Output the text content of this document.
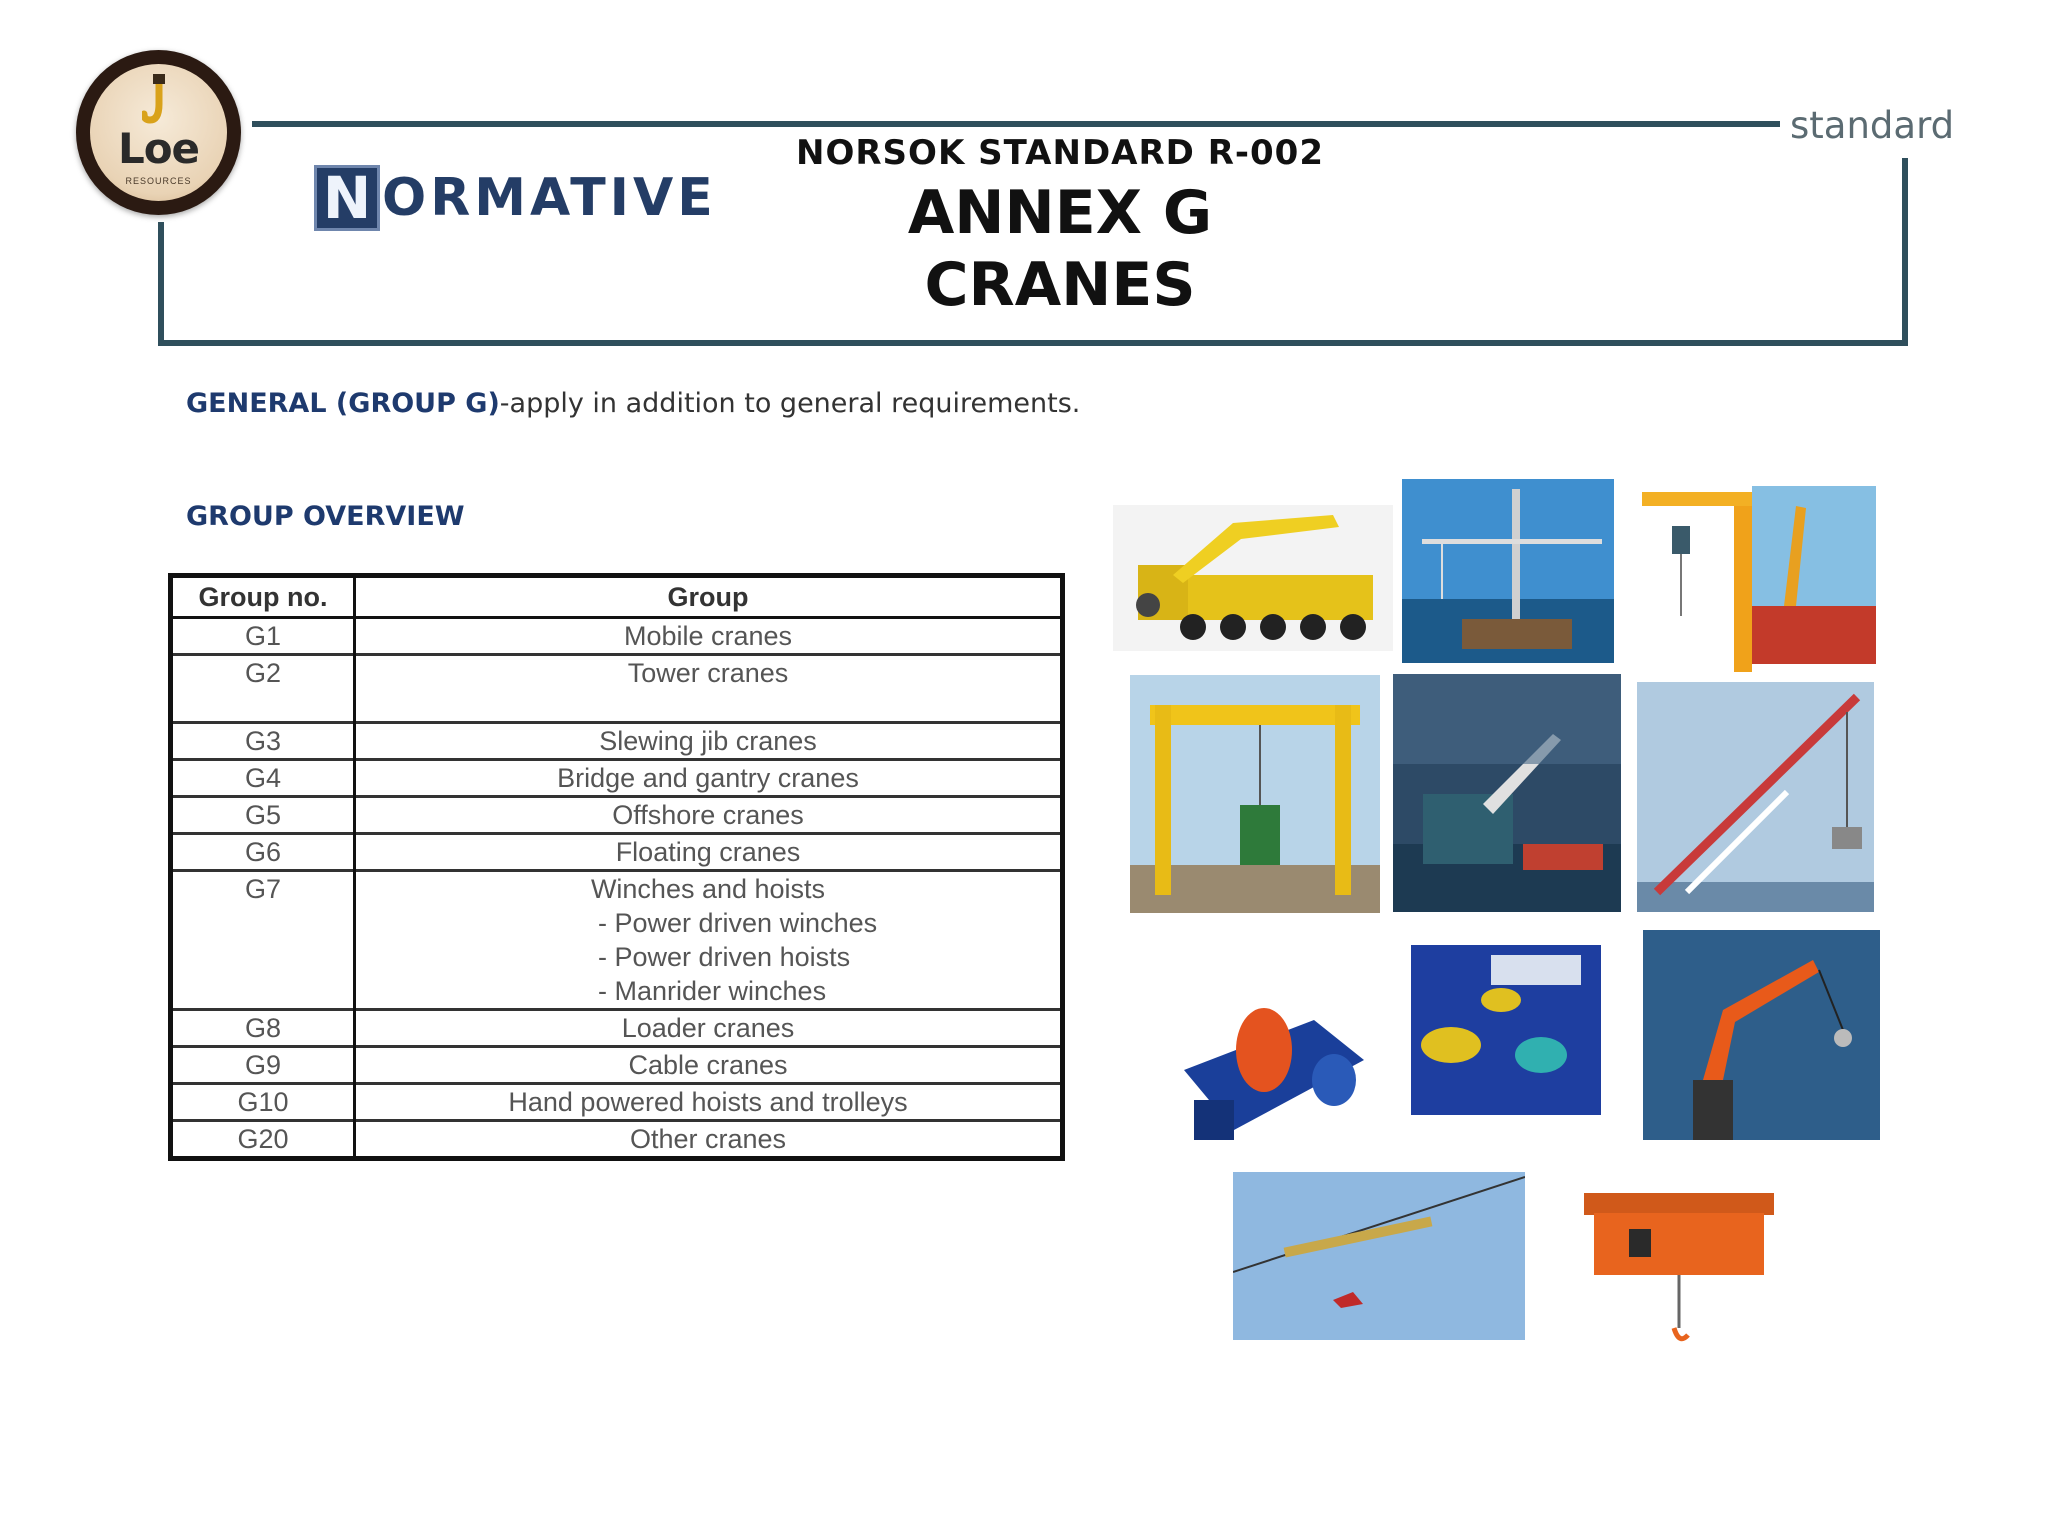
Loe
RESOURCES
standard
N ORMATIVE
NORSOK STANDARD R-002
ANNEX G
CRANES
GENERAL (GROUP G)-apply in addition to general requirements.
GROUP OVERVIEW
Group no.	Group
G1	Mobile cranes
G2	Tower cranes
G3	Slewing jib cranes
G4	Bridge and gantry cranes
G5	Offshore cranes
G6	Floating cranes
G7	Winches and hoists
- Power driven winches
- Power driven hoists
- Manrider winches

G8	Loader cranes
G9	Cable cranes
G10	Hand powered hoists and trolleys
G20	Other cranes
